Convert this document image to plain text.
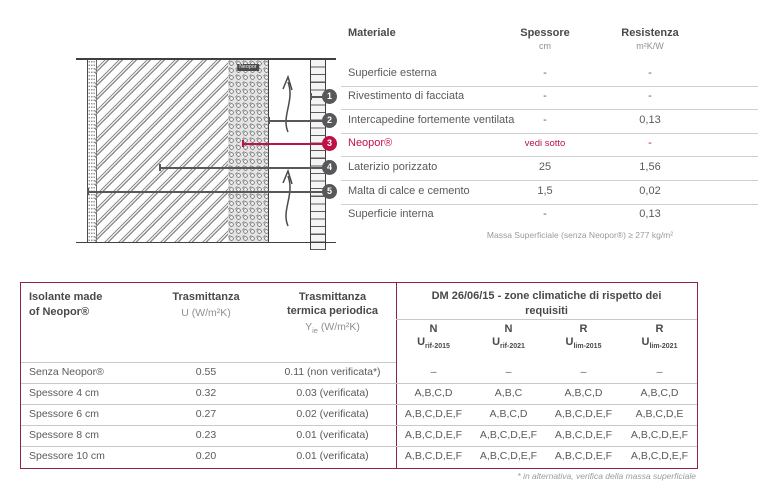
Neopor
1
2
3
4
5
Materiale	Spessore
cm
Resistenza
m²K/W
Superficie esterna	-	-
Rivestimento di facciata	-	-
Intercapedine fortemente ventilata	-	0,13
Neopor®	vedi sotto	-
Laterizio porizzato	25	1,56
Malta di calce e cemento	1,5	0,02
Superficie interna	-	0,13
Massa Superficiale (senza Neopor®) ≥ 277 kg/m²
Isolante made
of Neopor®
Trasmittanza
U (W/m²K)
Trasmittanza
termica periodica
$Y_{ie}$ (W/m²K)
DM 26/06/15 - zone climatiche di rispetto dei
requisiti
N	N	R	R
$U_{rif-2015}$	$U_{rif-2021}$	$U_{lim-2015}$	$U_{lim-2021}$
Senza Neopor®	0.55	0.11 (non verificata*)	–	–	–	–
Spessore 4 cm	0.32	0.03 (verificata)	A,B,C,D	A,B,C	A,B,C,D	A,B,C,D
Spessore 6 cm	0.27	0.02 (verificata)	A,B,C,D,E,F	A,B,C,D	A,B,C,D,E,F	A,B,C,D,E
Spessore 8 cm	0.23	0.01 (verificata)	A,B,C,D,E,F	A,B,C,D,E,F	A,B,C,D,E,F	A,B,C,D,E,F
Spessore 10 cm	0.20	0.01 (verificata)	A,B,C,D,E,F	A,B,C,D,E,F	A,B,C,D,E,F	A,B,C,D,E,F
* in alternativa, verifica della massa superficiale
